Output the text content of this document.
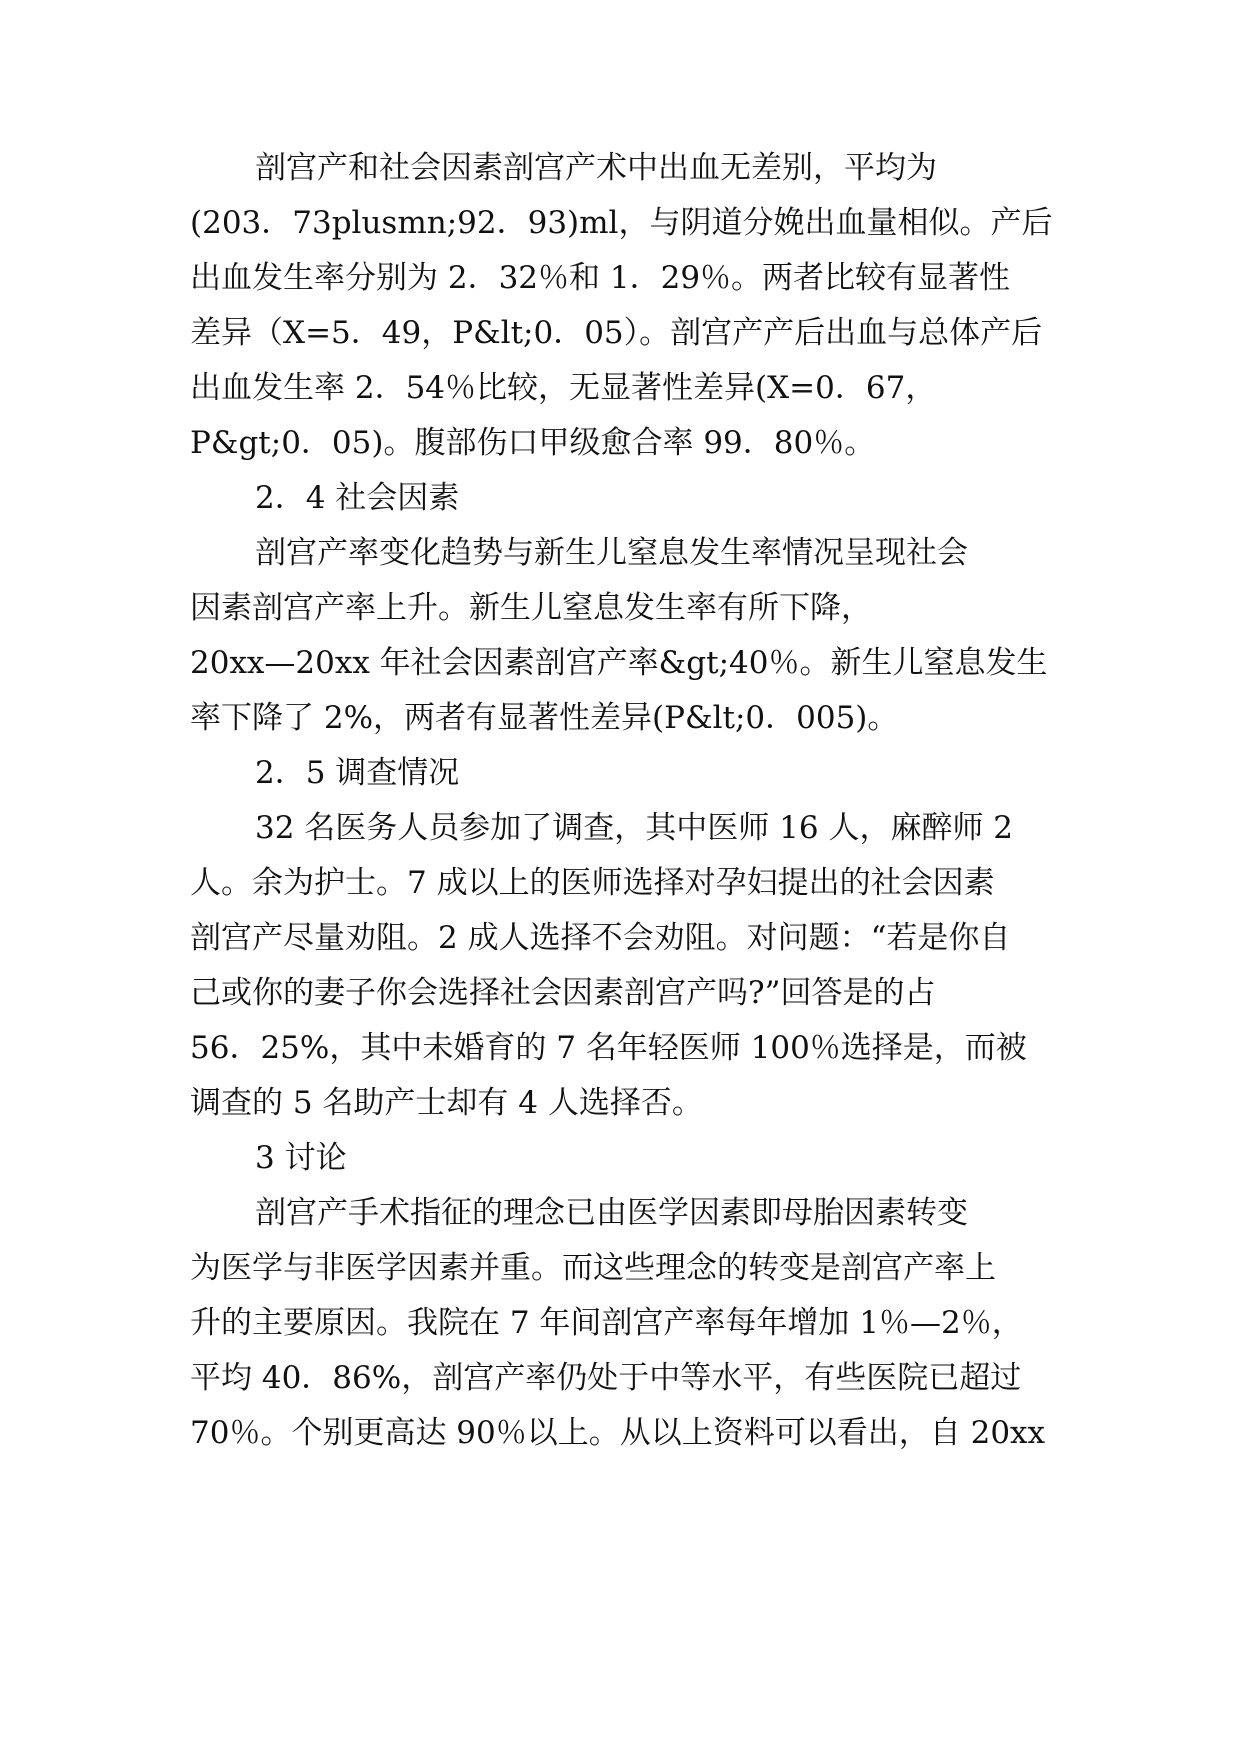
剖宫产和社会因素剖宫产术中出血无差别，平均为
(203．73plusmn;92．93)ml，与阴道分娩出血量相似。产后
出血发生率分别为 2．32％和 1．29％。两者比较有显著性
差异（X=5．49，P&lt;0．05）。剖宫产产后出血与总体产后
出血发生率 2．54％比较，无显著性差异(X=0．67，
P&gt;0．05)。腹部伤口甲级愈合率 99．80％。
2．4 社会因素
剖宫产率变化趋势与新生儿窒息发生率情况呈现社会
因素剖宫产率上升。新生儿窒息发生率有所下降，
20xx—20xx 年社会因素剖宫产率&gt;40％。新生儿窒息发生
率下降了 2%，两者有显著性差异(P&lt;0．005)。
2．5 调查情况
32 名医务人员参加了调查，其中医师 16 人，麻醉师 2
人。余为护士。7 成以上的医师选择对孕妇提出的社会因素
剖宫产尽量劝阻。2 成人选择不会劝阻。对问题：“若是你自
己或你的妻子你会选择社会因素剖宫产吗?”回答是的占
56．25%，其中未婚育的 7 名年轻医师 100％选择是，而被
调查的 5 名助产士却有 4 人选择否。
3 讨论
剖宫产手术指征的理念已由医学因素即母胎因素转变
为医学与非医学因素并重。而这些理念的转变是剖宫产率上
升的主要原因。我院在 7 年间剖宫产率每年增加 1％—2％，
平均 40．86%，剖宫产率仍处于中等水平，有些医院已超过
70％。个别更高达 90％以上。从以上资料可以看出，自 20xx
